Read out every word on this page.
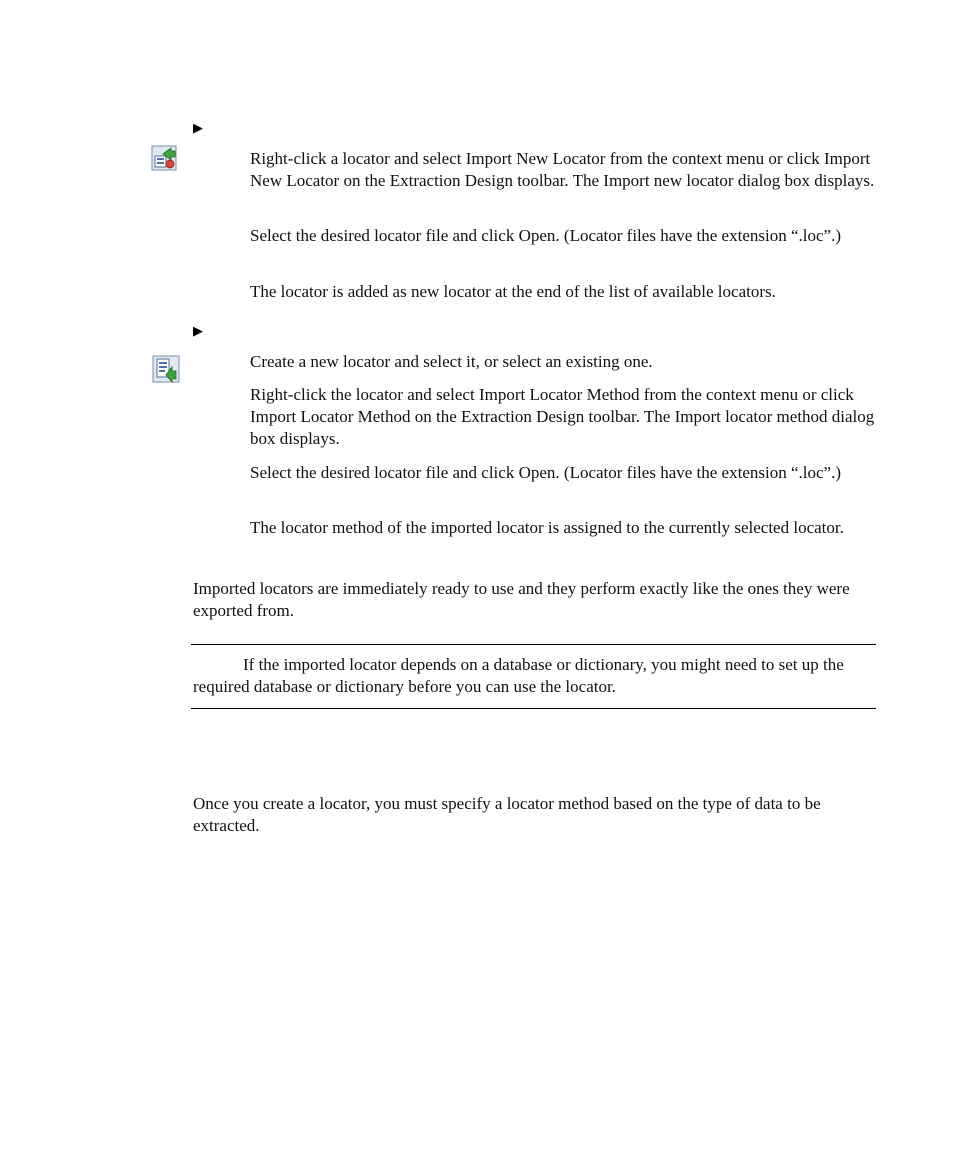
▶
Right-click a locator and select Import New Locator from the context menu or click Import New Locator on the Extraction Design toolbar. The Import new locator dialog box displays.
Select the desired locator file and click Open. (Locator files have the extension “.loc”.)
The locator is added as new locator at the end of the list of available locators.
▶
Create a new locator and select it, or select an existing one.
Right-click the locator and select Import Locator Method from the context menu or click Import Locator Method on the Extraction Design toolbar. The Import locator method dialog box displays.
Select the desired locator file and click Open. (Locator files have the extension “.loc”.)
The locator method of the imported locator is assigned to the currently selected locator.
Imported locators are immediately ready to use and they perform exactly like the ones they were exported from.
If the imported locator depends on a database or dictionary, you might need to set up the required database or dictionary before you can use the locator.
Once you create a locator, you must specify a locator method based on the type of data to be extracted.
